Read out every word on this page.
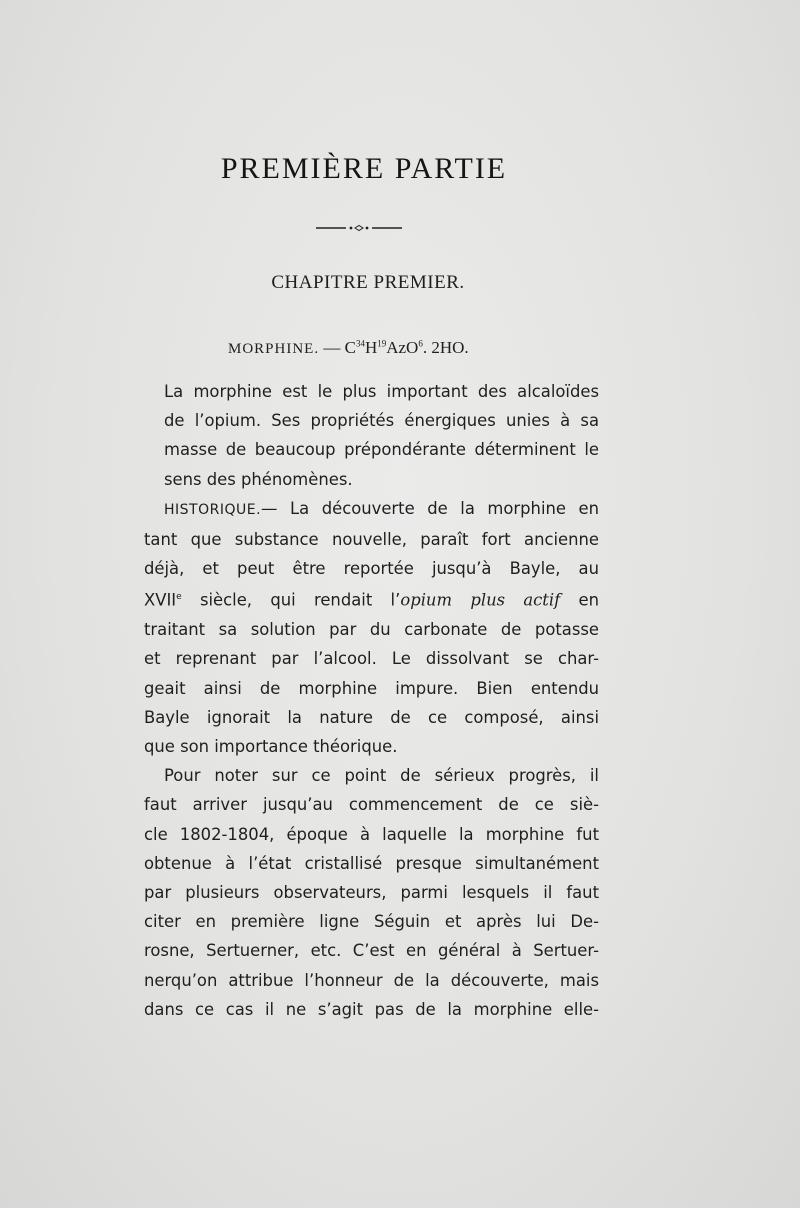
PREMIÈRE PARTIE
CHAPITRE PREMIER.
MORPHINE. — $C^{34}H^{19}AzO^6$. 2HO.

La morphine est le plus important des alcaloïdes
de l’opium. Ses propriétés énergiques unies à sa
masse de beaucoup prépondérante déterminent le
sens des phénomènes.

HISTORIQUE.— La découverte de la morphine en
tant que substance nouvelle, paraît fort ancienne
déjà, et peut être reportée jusqu’à Bayle, au
XVIIe siècle, qui rendait l’opium plus actif en
traitant sa solution par du carbonate de potasse
et reprenant par l’alcool. Le dissolvant se char-
geait ainsi de morphine impure. Bien entendu
Bayle ignorait la nature de ce composé, ainsi
que son importance théorique.

Pour noter sur ce point de sérieux progrès, il
faut arriver jusqu’au commencement de ce siè-
cle 1802-1804, époque à laquelle la morphine fut
obtenue à l’état cristallisé presque simultanément
par plusieurs observateurs, parmi lesquels il faut
citer en première ligne Séguin et après lui De-
rosne, Sertuerner, etc. C’est en général à Sertuer-
nerqu’on attribue l’honneur de la découverte, mais
dans ce cas il ne s’agit pas de la morphine elle-
